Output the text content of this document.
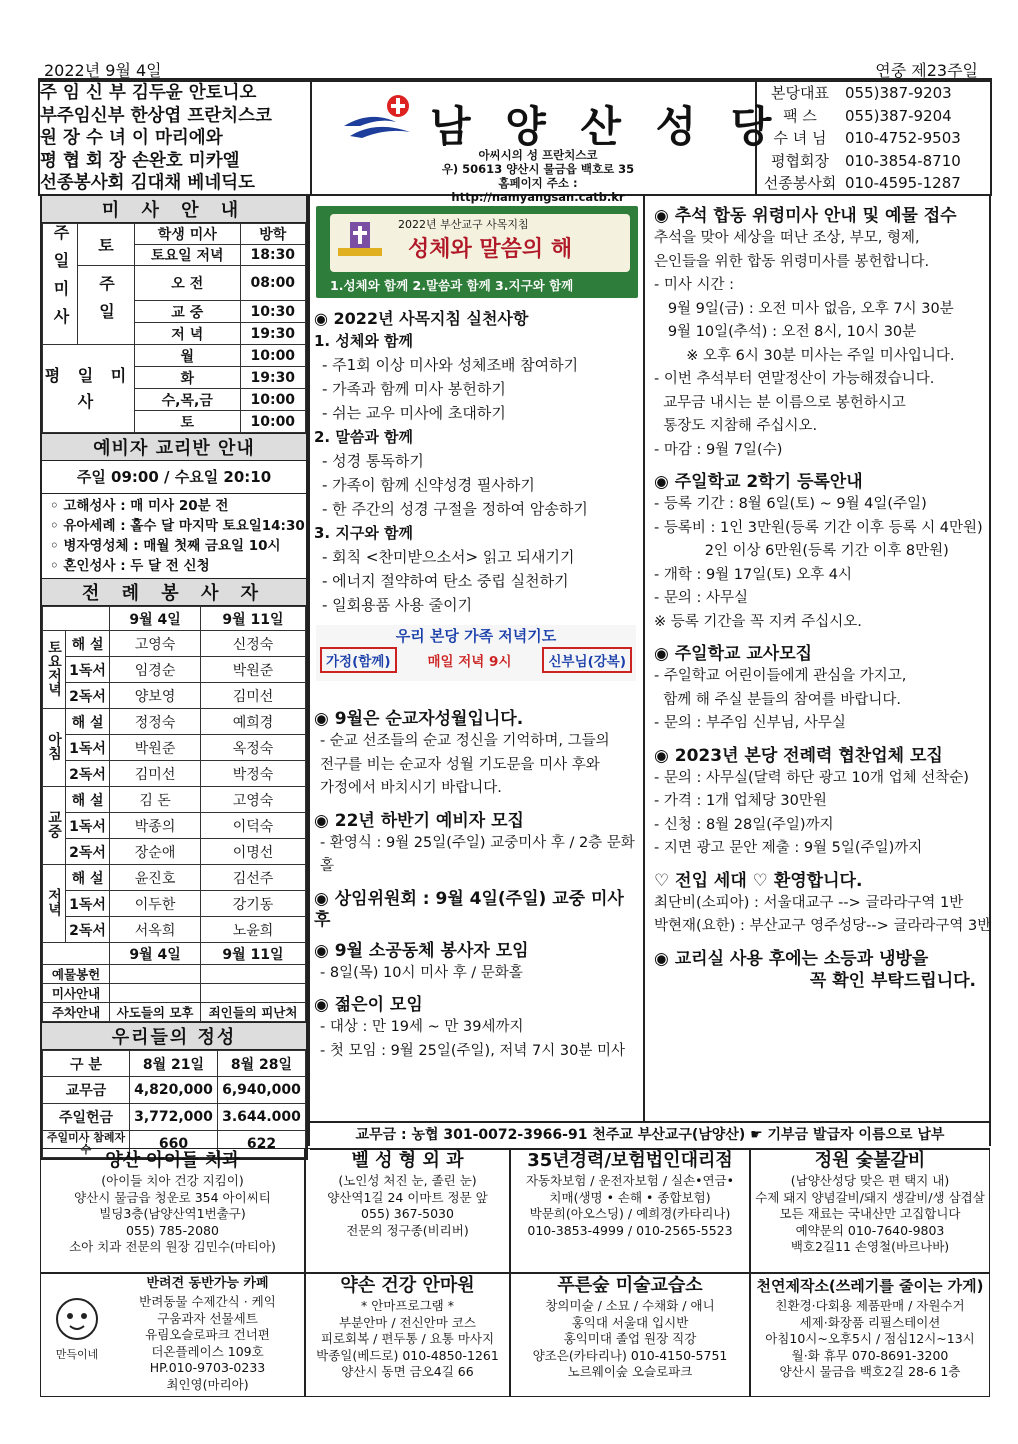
2022년 9월 4일	연중 제23주일
주 임 신 부 김두윤 안토니오
부주임신부 한상엽 프란치스코
원 장 수 녀 이 마리에와
평 협 회 장 손완호 미카엘
선종봉사회 김대채 베네딕도
남 양 산 성 당
아씨시의 성 프란치스코
우) 50613 양산시 물금읍 백호로 35
홈페이지 주소 : http://namyangsan.catb.kr
본당대표	055)387-9203
팩 스	055)387-9204
수 녀 님	010-4752-9503
평협회장	010-3854-8710
선종봉사회 010-4595-1287
미 사 안 내
주일미사	토	학생 미사	방학
		토요일 저녁	18:30
	주일	오 전	08:00
		교 중	10:30
		저 녁	19:30

평 일 미 사		월	10:00
		화	19:30
		수,목,금	10:00
		토	10:00
예비자 교리반 안내
주일 09:00 / 수요일 20:10
◦ 고해성사 : 매 미사 20분 전
◦ 유아세례 : 홀수 달 마지막 토요일14:30
◦ 병자영성체 : 매월 첫째 금요일 10시
◦ 혼인성사 : 두 달 전 신청
전 례 봉 사 자
		9월 4일	9월 11일
토요저녁	해 설	고영숙	신정숙
	1독서	임경순	박원준
	2독서	양보영	김미선
아침	해 설	정정숙	예희경
	1독서	박원준	옥정숙
	2독서	김미선	박정숙
교중	해 설	김 돈	고영숙
	1독서	박종의	이덕숙
	2독서	장순애	이명선
저녁	해 설	윤진호	김선주
	1독서	이두한	강기동
	2독서	서옥희	노윤희
		9월 4일	9월 11일
예물봉헌			
미사안내			
주차안내		사도들의 모후	죄인들의 피난처
우리들의 정성
구 분	8월 21일	8월 28일
교무금	4,820,000	6,940,000
주일헌금	3,772,000	3.644.000
주일미사 참례자수	660	622
2022년 부산교구 사목지침
성체와 말씀의 해
1.성체와 함께 2.말씀과 함께 3.지구와 함께
◉ 2022년 사목지침 실천사항
1. 성체와 함께
- 주1회 이상 미사와 성체조배 참여하기
- 가족과 함께 미사 봉헌하기
- 쉬는 교우 미사에 초대하기
2. 말씀과 함께
- 성경 통독하기
- 가족이 함께 신약성경 필사하기
- 한 주간의 성경 구절을 정하여 암송하기
3. 지구와 함께
- 회칙 <찬미받으소서> 읽고 되새기기
- 에너지 절약하여 탄소 중립 실천하기
- 일회용품 사용 줄이기
우리 본당 가족 저녁기도
가정(함께)	매일 저녁 9시	신부님(강복)
◉ 9월은 순교자성월입니다.
- 순교 선조들의 순교 정신을 기억하며, 그들의
전구를 비는 순교자 성월 기도문을 미사 후와
가정에서 바치시기 바랍니다.
◉ 22년 하반기 예비자 모집
- 환영식 : 9월 25일(주일) 교중미사 후 / 2층 문화홀
◉ 상임위원회 : 9월 4일(주일) 교중 미사 후
◉ 9월 소공동체 봉사자 모임
- 8일(목) 10시 미사 후 / 문화홀
◉ 젊은이 모임
- 대상 : 만 19세 ~ 만 39세까지
- 첫 모임 : 9월 25일(주일), 저녁 7시 30분 미사
◉ 추석 합동 위령미사 안내 및 예물 접수
추석을 맞아 세상을 떠난 조상, 부모, 형제,
은인들을 위한 합동 위령미사를 봉헌합니다.
- 미사 시간 :
9월 9일(금) : 오전 미사 없음, 오후 7시 30분
9월 10일(추석) : 오전 8시, 10시 30분
※ 오후 6시 30분 미사는 주일 미사입니다.
- 이번 추석부터 연말정산이 가능해졌습니다.
교무금 내시는 분 이름으로 봉헌하시고
통장도 지참해 주십시오.
- 마감 : 9월 7일(수)
◉ 주일학교 2학기 등록안내
- 등록 기간 : 8월 6일(토) ~ 9월 4일(주일)
- 등록비 : 1인 3만원(등록 기간 이후 등록 시 4만원)
2인 이상 6만원(등록 기간 이후 8만원)
- 개학 : 9월 17일(토) 오후 4시
- 문의 : 사무실
※ 등록 기간을 꼭 지켜 주십시오.
◉ 주일학교 교사모집
- 주일학교 어린이들에게 관심을 가지고,
함께 해 주실 분들의 참여를 바랍니다.
- 문의 : 부주임 신부님, 사무실
◉ 2023년 본당 전례력 협찬업체 모집
- 문의 : 사무실(달력 하단 광고 10개 업체 선착순)
- 가격 : 1개 업체당 30만원
- 신청 : 8월 28일(주일)까지
- 지면 광고 문안 제출 : 9월 5일(주일)까지
♡ 전입 세대 ♡ 환영합니다.
최단비(소피아) : 서울대교구 --> 글라라구역 1반
박현재(요한) : 부산교구 영주성당--> 글라라구역 3반
◉ 교리실 사용 후에는 소등과 냉방을
꼭 확인 부탁드립니다.
교무금 : 농협 301-0072-3966-91 천주교 부산교구(남양산) ☛ 기부금 발급자 이름으로 납부
양산 아이들 치과
(아이들 치아 건강 지킴이)
양산시 물금읍 청운로 354 아이씨티
빌딩3층(남양산역1번출구)
055) 785-2080
소아 치과 전문의 원장 김민수(마티아)
벨 성 형 외 과
(노인성 처진 눈, 졸린 눈)
양산역1길 24 이마트 정문 앞
055) 367-5030
전문의 정구종(비리버)
35년경력/보험법인대리점
자동차보험 / 운전자보험 / 실손•연금•
치매(생명 • 손해 • 종합보험)
박문희(아오스딩) / 예희경(카타리나)
010-3853-4999 / 010-2565-5523
정원 숯불갈비
(남양산성당 맞은 편 택지 내)
수제 돼지 양념갈비/돼지 생갈비/생 삼겹살
모든 재료는 국내산만 고집합니다
예약문의 010-7640-9803
백호2길11 손영철(바르나바)
반려견 동반가능 카페
반려동물 수제간식 · 케익
구움과자 선물세트
유림오슬로파크 건너편
더온플레이스 109호
HP.010-9703-0233
최인영(마리아)
만득이네
약손 건강 안마원
* 안마프로그램 *
부분안마 / 전신안마 코스
피로회복 / 편두통 / 요통 마사지
박종일(베드로) 010-4850-1261
양산시 동면 금오4길 66
푸른숲 미술교습소
창의미술 / 소묘 / 수채화 / 애니
홍익대 서울대 입시반
홍익미대 졸업 원장 직강
양조은(카타리나) 010-4150-5751
노르웨이숲 오슬로파크
천연제작소(쓰레기를 줄이는 가게)
친환경·다회용 제품판매 / 자원수거
세제·화장품 리필스테이션
아침10시~오후5시 / 점심12시~13시
월·화 휴무 070-8691-3200
양산시 물금읍 백호2길 28-6 1층
